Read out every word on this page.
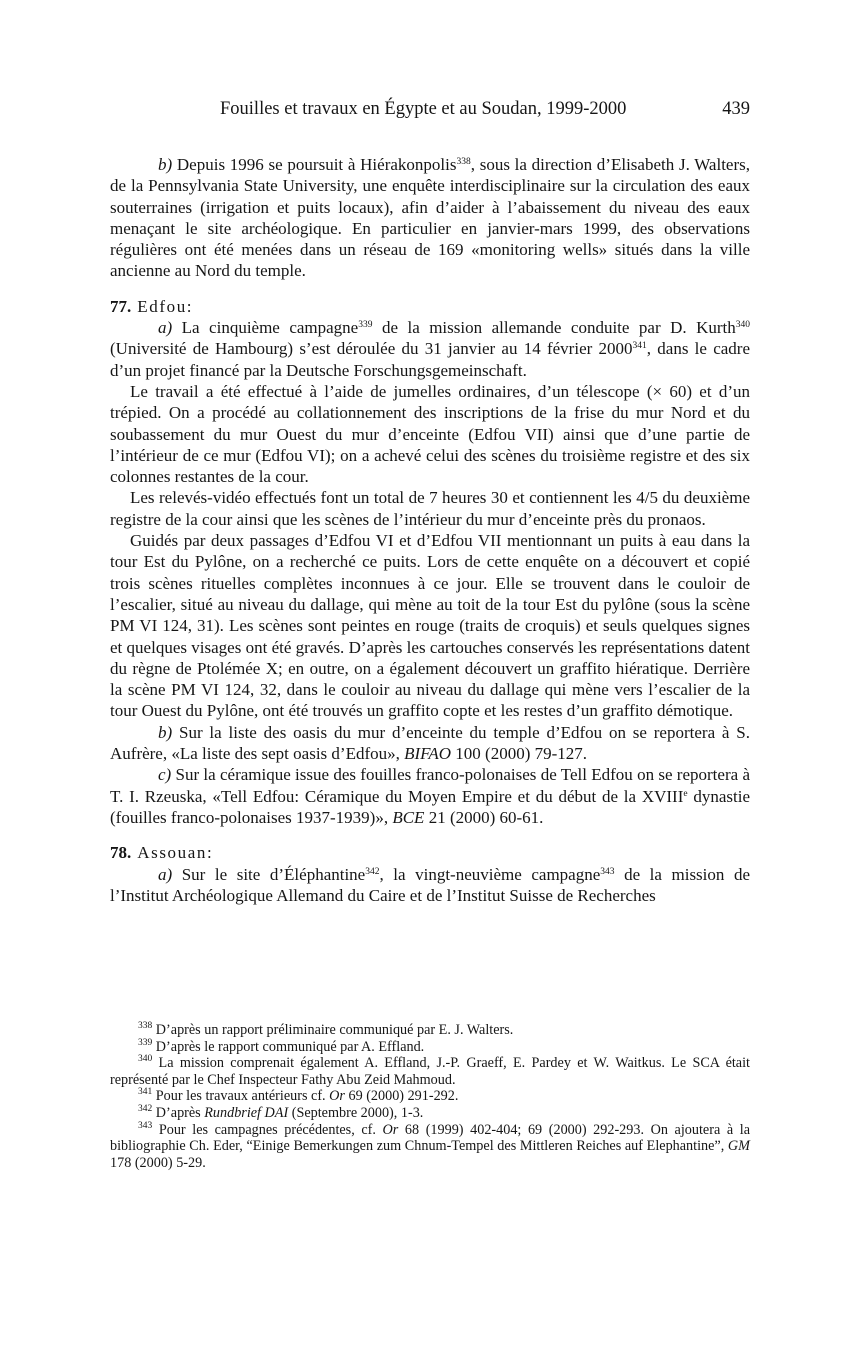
Fouilles et travaux en Égypte et au Soudan, 1999-2000	439

b) Depuis 1996 se poursuit à Hiérakonpolis$^{338}$, sous la direction d’Elisabeth J. Walters, de la Pennsylvania State University, une enquête interdisciplinaire sur la circulation des eaux souterraines (irrigation et puits locaux), afin d’aider à l’abaissement du niveau des eaux menaçant le site archéologique. En particulier en janvier-mars 1999, des observations régulières ont été menées dans un réseau de 169 «monitoring wells» situés dans la ville ancienne au Nord du temple.

77. Edfou:

a) La cinquième campagne$^{339}$ de la mission allemande conduite par D. Kurth$^{340}$ (Université de Hambourg) s’est déroulée du 31 janvier au 14 février 2000$^{341}$, dans le cadre d’un projet financé par la Deutsche Forschungsgemeinschaft.

Le travail a été effectué à l’aide de jumelles ordinaires, d’un télescope (× 60) et d’un trépied. On a procédé au collationnement des inscriptions de la frise du mur Nord et du soubassement du mur Ouest du mur d’enceinte (Edfou VII) ainsi que d’une partie de l’intérieur de ce mur (Edfou VI); on a achevé celui des scènes du troisième registre et des six colonnes restantes de la cour.

Les relevés-vidéo effectués font un total de 7 heures 30 et contiennent les 4/5 du deuxième registre de la cour ainsi que les scènes de l’intérieur du mur d’enceinte près du pronaos.

Guidés par deux passages d’Edfou VI et d’Edfou VII mentionnant un puits à eau dans la tour Est du Pylône, on a recherché ce puits. Lors de cette enquête on a découvert et copié trois scènes rituelles complètes inconnues à ce jour. Elle se trouvent dans le couloir de l’escalier, situé au niveau du dallage, qui mène au toit de la tour Est du pylône (sous la scène PM VI 124, 31). Les scènes sont peintes en rouge (traits de croquis) et seuls quelques signes et quelques visages ont été gravés. D’après les cartouches conservés les représentations datent du règne de Ptolémée X; en outre, on a également découvert un graffito hiératique. Derrière la scène PM VI 124, 32, dans le couloir au niveau du dallage qui mène vers l’escalier de la tour Ouest du Pylône, ont été trouvés un graffito copte et les restes d’un graffito démotique.

b) Sur la liste des oasis du mur d’enceinte du temple d’Edfou on se reportera à S. Aufrère, «La liste des sept oasis d’Edfou», BIFAO 100 (2000) 79-127.

c) Sur la céramique issue des fouilles franco-polonaises de Tell Edfou on se reportera à T. I. Rzeuska, «Tell Edfou: Céramique du Moyen Empire et du début de la XVIIIe dynastie (fouilles franco-polonaises 1937-1939)», BCE 21 (2000) 60-61.

78. Assouan:

a) Sur le site d’Éléphantine$^{342}$, la vingt-neuvième campagne$^{343}$ de la mission de l’Institut Archéologique Allemand du Caire et de l’Institut Suisse de Recherches

$^{338}$ D’après un rapport préliminaire communiqué par E. J. Walters.

$^{339}$ D’après le rapport communiqué par A. Effland.

$^{340}$ La mission comprenait également A. Effland, J.-P. Graeff, E. Pardey et W. Waitkus. Le SCA était représenté par le Chef Inspecteur Fathy Abu Zeid Mahmoud.

$^{341}$ Pour les travaux antérieurs cf. Or 69 (2000) 291-292.

$^{342}$ D’après Rundbrief DAI (Septembre 2000), 1-3.

$^{343}$ Pour les campagnes précédentes, cf. Or 68 (1999) 402-404; 69 (2000) 292-293. On ajoutera à la bibliographie Ch. Eder, “Einige Bemerkungen zum Chnum-Tempel des Mittleren Reiches auf Elephantine”, GM 178 (2000) 5-29.
